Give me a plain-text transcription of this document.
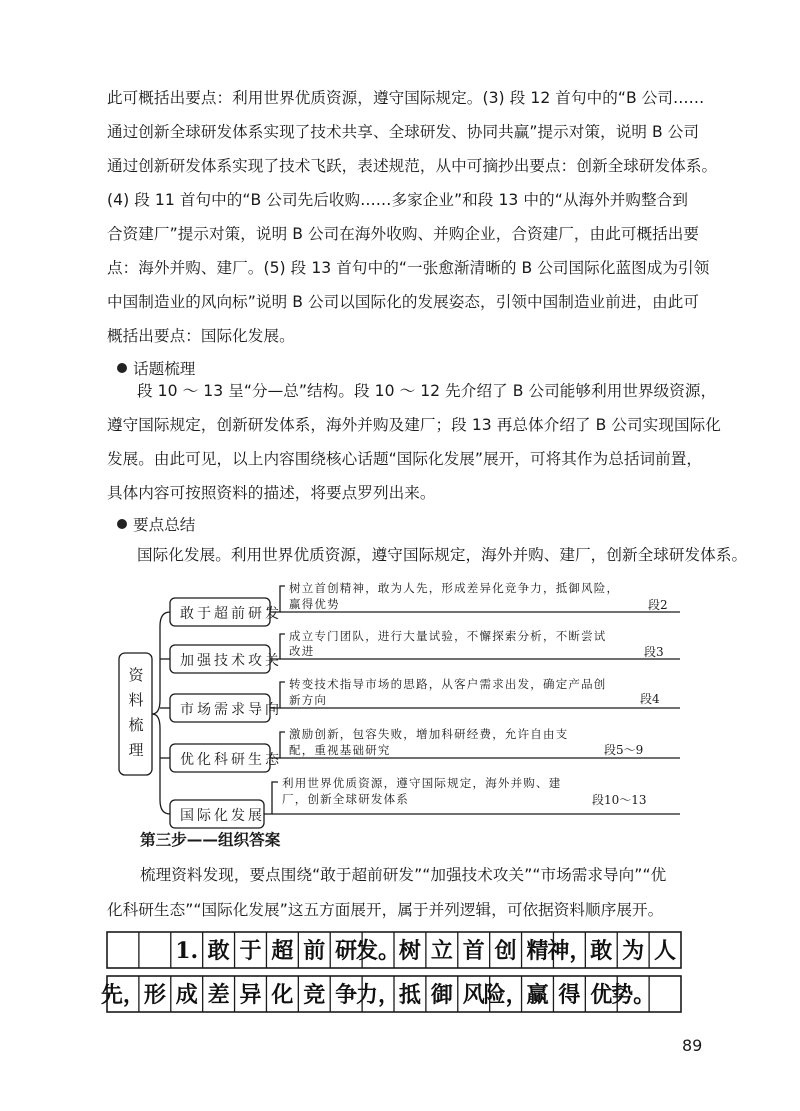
此可概括出要点：利用世界优质资源，遵守国际规定。(3) 段 12 首句中的“B 公司……
通过创新全球研发体系实现了技术共享、全球研发、协同共赢”提示对策，说明 B 公司
通过创新研发体系实现了技术飞跃，表述规范，从中可摘抄出要点：创新全球研发体系。
(4) 段 11 首句中的“B 公司先后收购……多家企业”和段 13 中的“从海外并购整合到
合资建厂”提示对策，说明 B 公司在海外收购、并购企业，合资建厂，由此可概括出要
点：海外并购、建厂。(5) 段 13 首句中的“一张愈渐清晰的 B 公司国际化蓝图成为引领
中国制造业的风向标”说明 B 公司以国际化的发展姿态，引领中国制造业前进，由此可
概括出要点：国际化发展。
话题梳理
段 10 ～ 13 呈“分—总”结构。段 10 ～ 12 先介绍了 B 公司能够利用世界级资源，
遵守国际规定，创新研发体系，海外并购及建厂；段 13 再总体介绍了 B 公司实现国际化
发展。由此可见，以上内容围绕核心话题“国际化发展”展开，可将其作为总括词前置，
具体内容可按照资料的描述，将要点罗列出来。
要点总结
国际化发展。利用世界优质资源，遵守国际规定，海外并购、建厂，创新全球研发体系。
资
料
梳
理
敢于超前研发
树立首创精神，敢为人先，形成差异化竞争力，抵御风险，
赢得优势	段2
加强技术攻关
成立专门团队，进行大量试验，不懈探索分析，不断尝试
改进	段3
市场需求导向
转变技术指导市场的思路，从客户需求出发，确定产品创
新方向	段4
优化科研生态
激励创新，包容失败，增加科研经费，允许自由支
配，重视基础研究	段5～9
国际化发展
利用世界优质资源，遵守国际规定，海外并购、建
厂，创新全球研发体系	段10～13
第三步——组织答案
梳理资料发现，要点围绕“敢于超前研发”“加强技术攻关”“市场需求导向”“优
化科研生态”“国际化发展”这五方面展开，属于并列逻辑，可依据资料顺序展开。
1. 敢 于 超 前 研
发。
树 立 首 创 精
神，
敢 为 人
先，
形 成 差 异 化 竞 争
力，
抵 御 风
险，
赢 得 优
势。
89
